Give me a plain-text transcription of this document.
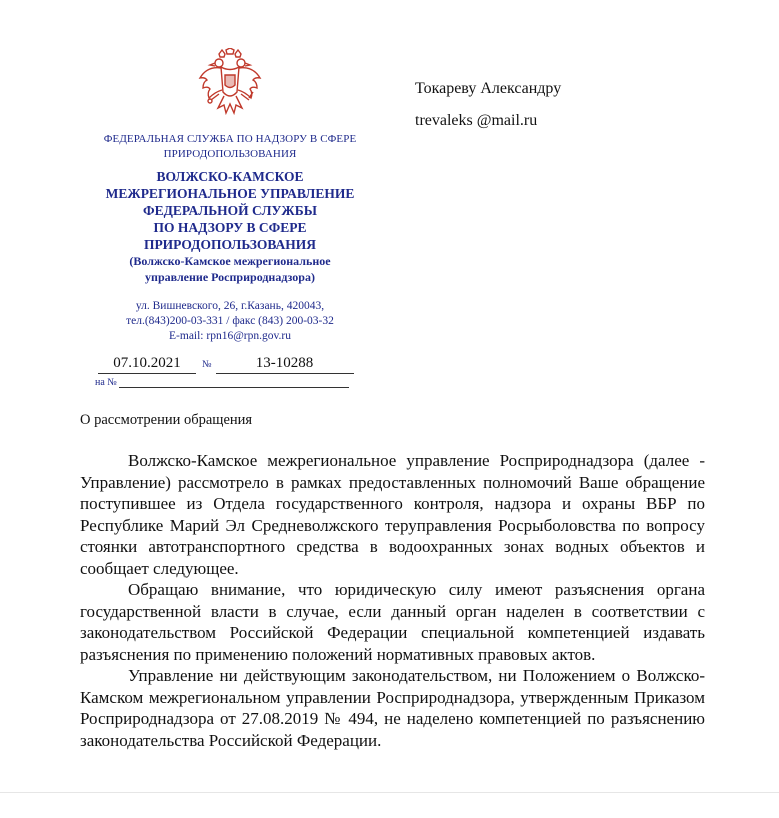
ФЕДЕРАЛЬНАЯ СЛУЖБА ПО НАДЗОРУ В СФЕРЕ
ПРИРОДОПОЛЬЗОВАНИЯ
ВОЛЖСКО-КАМСКОЕ
МЕЖРЕГИОНАЛЬНОЕ УПРАВЛЕНИЕ
ФЕДЕРАЛЬНОЙ СЛУЖБЫ
ПО НАДЗОРУ В СФЕРЕ
ПРИРОДОПОЛЬЗОВАНИЯ
(Волжско-Камское межрегиональное
управление Росприроднадзора)
ул. Вишневского, 26, г.Казань, 420043,
тел.(843)200-03-331 / факс (843) 200-03-32
E-mail: rpn16@rpn.gov.ru
07.10.2021 №	13-10288
на №
Токареву Александру
trevaleks @mail.ru
О рассмотрении обращения

Волжско-Камское межрегиональное управление Росприроднадзора (далее - Управление) рассмотрело в рамках предоставленных полномочий Ваше обращение поступившее из Отдела государственного контроля, надзора и охраны ВБР по Республике Марий Эл Средневолжского теруправления Росрыболовства по вопросу стоянки автотранспортного средства в водоохранных зонах водных объектов и сообщает следующее.

Обращаю внимание, что юридическую силу имеют разъяснения органа государственной власти в случае, если данный орган наделен в соответствии с законодательством Российской Федерации специальной компетенцией издавать разъяснения по применению положений нормативных правовых актов.

Управление ни действующим законодательством, ни Положением о Волжско-Камском межрегиональном управлении Росприроднадзора, утвержденным Приказом Росприроднадзора от 27.08.2019 № 494, не наделено компетенцией по разъяснению законодательства Российской Федерации.
